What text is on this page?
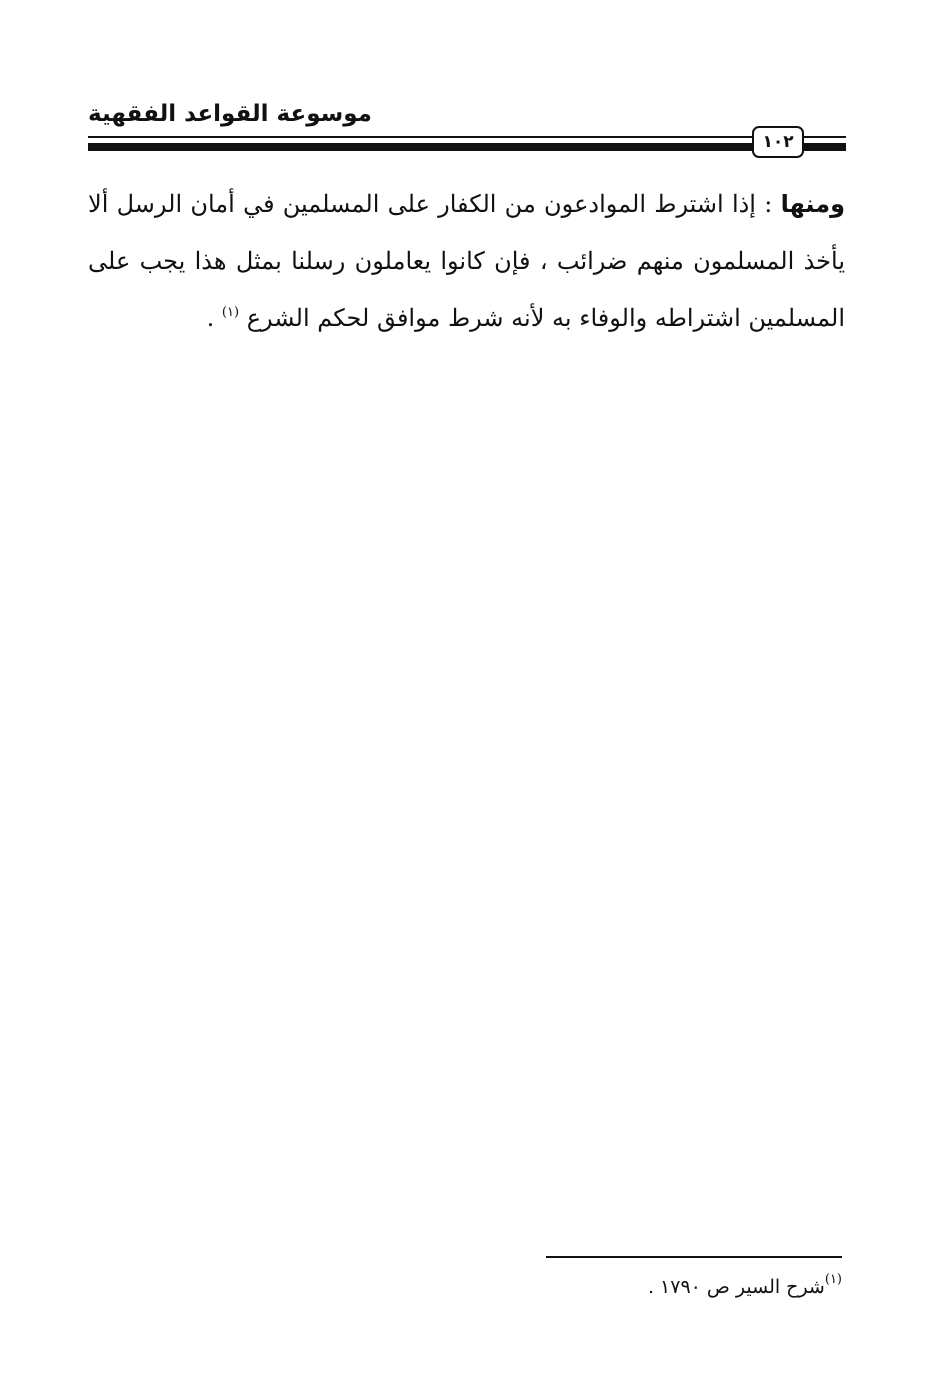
موسوعة القواعد الفقهية
١٠٢
ومنها : إذا اشترط الموادعون من الكفار على المسلمين في أمان الرسل ألا يأخذ المسلمون منهم ضرائب ، فإن كانوا يعاملون رسلنا بمثل هذا يجب على المسلمين اشتراطه والوفاء به لأنه شرط موافق لحكم الشرع $^{(١)}$ .
$^{(١)}$شرح السير ص ١٧٩٠ .
